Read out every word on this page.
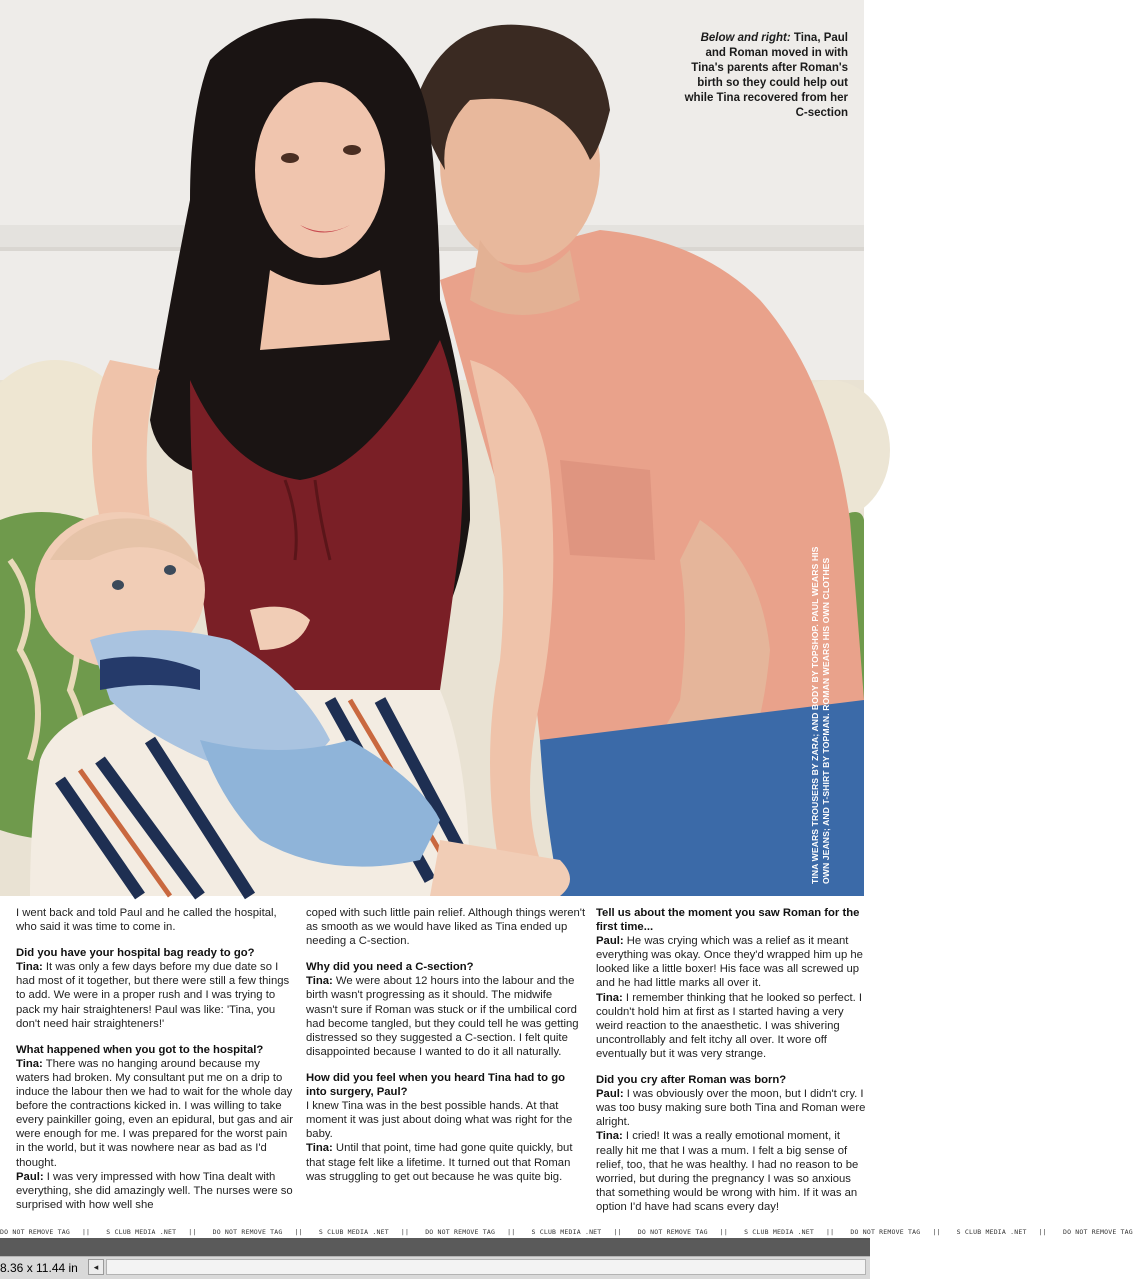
Below and right: Tina, Paul and Roman moved in with Tina's parents after Roman's birth so they could help out while Tina recovered from her C-section
TINA WEARS TROUSERS BY ZARA; AND BODY BY TOPSHOP. PAUL WEARS HIS OWN JEANS; AND T-SHIRT BY TOPMAN. ROMAN WEARS HIS OWN CLOTHES

I went back and told Paul and he called the hospital, who said it was time to come in.

Did you have your hospital bag ready to go?
Tina: It was only a few days before my due date so I had most of it together, but there were still a few things to add. We were in a proper rush and I was trying to pack my hair straighteners! Paul was like: 'Tina, you don't need hair straighteners!'

What happened when you got to the hospital?
Tina: There was no hanging around because my waters had broken. My consultant put me on a drip to induce the labour then we had to wait for the whole day before the contractions kicked in. I was willing to take every painkiller going, even an epidural, but gas and air were enough for me. I was prepared for the worst pain in the world, but it was nowhere near as bad as I'd thought.
Paul: I was very impressed with how Tina dealt with everything, she did amazingly well. The nurses were so surprised with how well she

coped with such little pain relief. Although things weren't as smooth as we would have liked as Tina ended up needing a C-section.

Why did you need a C-section?
Tina: We were about 12 hours into the labour and the birth wasn't progressing as it should. The midwife wasn't sure if Roman was stuck or if the umbilical cord had become tangled, but they could tell he was getting distressed so they suggested a C-section. I felt quite disappointed because I wanted to do it all naturally.

How did you feel when you heard Tina had to go into surgery, Paul?
I knew Tina was in the best possible hands. At that moment it was just about doing what was right for the baby.
Tina: Until that point, time had gone quite quickly, but that stage felt like a lifetime. It turned out that Roman was struggling to get out because he was quite big.

Tell us about the moment you saw Roman for the first time...
Paul: He was crying which was a relief as it meant everything was okay. Once they'd wrapped him up he looked like a little boxer! His face was all screwed up and he had little marks all over it.
Tina: I remember thinking that he looked so perfect. I couldn't hold him at first as I started having a very weird reaction to the anaesthetic. I was shivering uncontrollably and felt itchy all over. It wore off eventually but it was very strange.

Did you cry after Roman was born?
Paul: I was obviously over the moon, but I didn't cry. I was too busy making sure both Tina and Roman were alright.
Tina: I cried! It was a really emotional moment, it really hit me that I was a mum. I felt a big sense of relief, too, that he was healthy. I had no reason to be worried, but during the pregnancy I was so anxious that something would be wrong with him. If it was an option I'd have had scans every day!

DO NOT REMOVE TAG || S CLUB MEDIA .NET || DO NOT REMOVE TAG || S CLUB MEDIA .NET || DO NOT REMOVE TAG || S CLUB MEDIA .NET || DO NOT REMOVE TAG || S CLUB MEDIA .NET || DO NOT REMOVE TAG || S CLUB MEDIA .NET || DO NOT REMOVE TAG
8.36 x 11.44 in	◂
